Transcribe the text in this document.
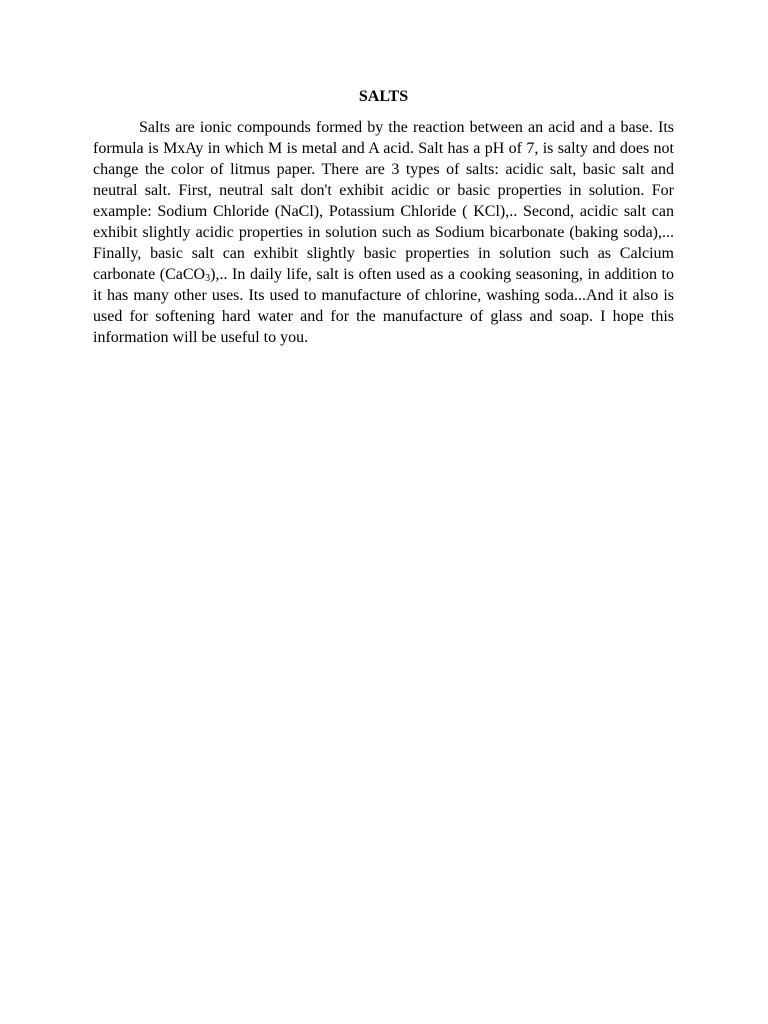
SALTS

Salts are ionic compounds formed by the reaction between an acid and a base. Its formula is MxAy in which M is metal and A acid. Salt has a pH of 7, is salty and does not change the color of litmus paper. There are 3 types of salts: acidic salt, basic salt and neutral salt. First, neutral salt don't exhibit acidic or basic properties in solution. For example: Sodium Chloride (NaCl), Potassium Chloride ( KCl),.. Second, acidic salt can exhibit slightly acidic properties in solution such as Sodium bicarbonate (baking soda),... Finally, basic salt can exhibit slightly basic properties in solution such as Calcium carbonate (CaCO$_3$),.. In daily life, salt is often used as a cooking seasoning, in addition to it has many other uses. Its used to manufacture of chlorine, washing soda...And it also is used for softening hard water and for the manufacture of glass and soap. I hope this information will be useful to you.
